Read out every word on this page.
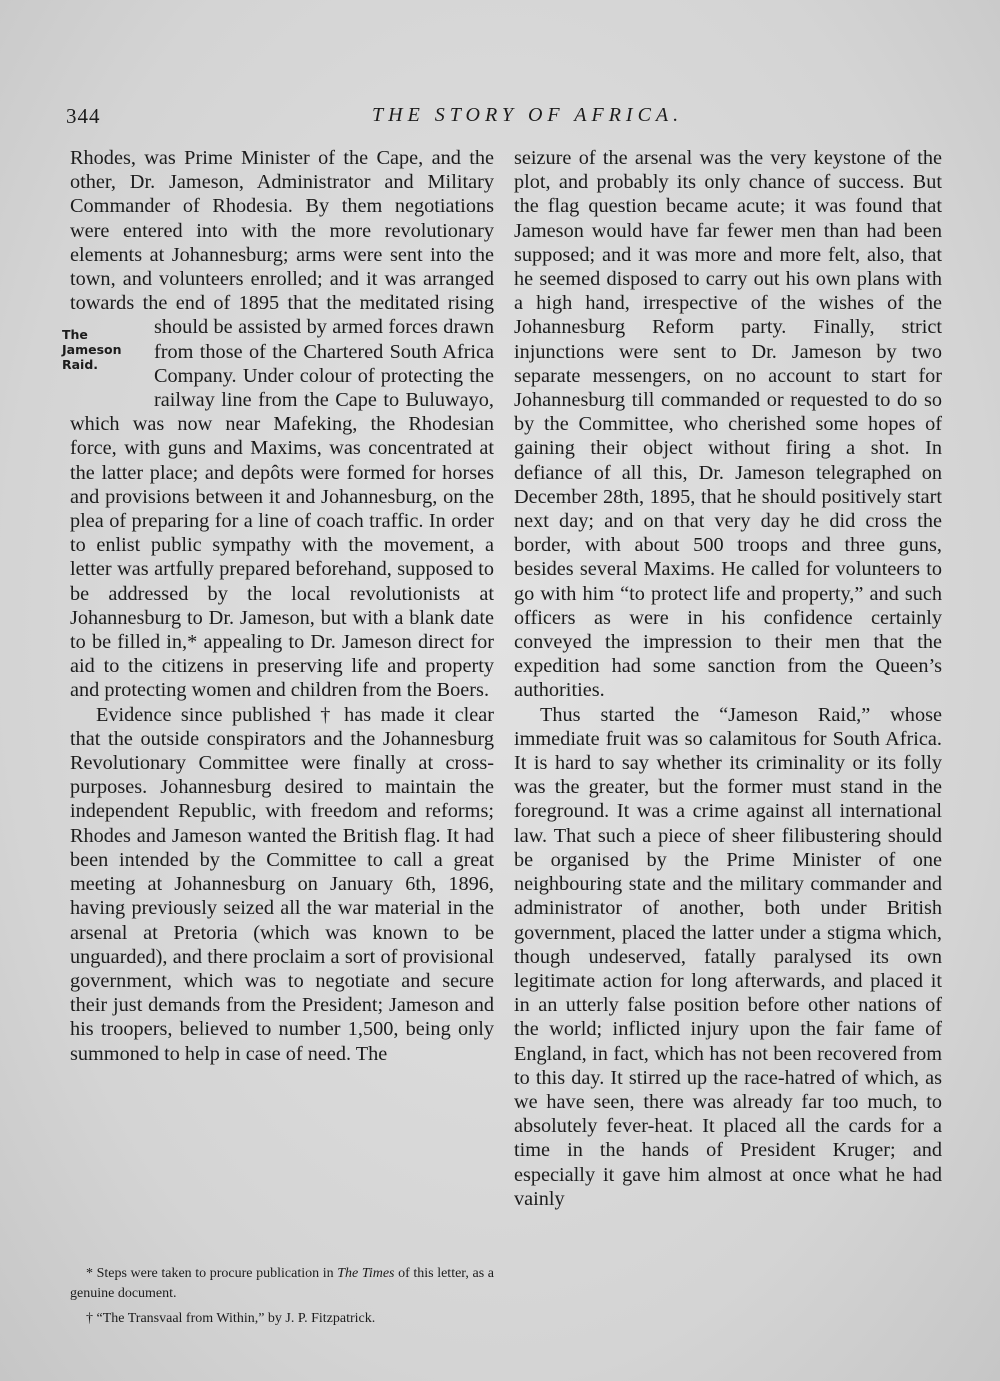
344	THE STORY OF AFRICA.

Rhodes, was Prime Minister of the Cape, and the other, Dr. Jameson, Administrator and Military Commander of Rhodesia. By them negotiations were entered into with the more revolutionary elements at Johannesburg; arms were sent into the town, and volunteers enrolled; and it was arranged towards the end of 1895 that the meditated rising should
The
Jameson
Raid.
be assisted by armed forces drawn from those of the Chartered South Africa Company. Under colour of protecting the railway line from the Cape to Buluwayo, which was now near Mafeking, the Rhodesian force, with guns and Maxims, was concentrated at the latter place; and depôts were formed for horses and provisions between it and Johannesburg, on the plea of preparing for a line of coach traffic. In order to enlist public sympathy with the movement, a letter was artfully prepared beforehand, supposed to be addressed by the local revolutionists at Johannesburg to Dr. Jameson, but with a blank date to be filled in,* appealing to Dr. Jameson direct for aid to the citizens in preserving life and property and protecting women and children from the Boers.

Evidence since published † has made it clear that the outside conspirators and the Johannesburg Revolutionary Committee were finally at cross-purposes. Johannesburg desired to maintain the independent Republic, with freedom and reforms; Rhodes and Jameson wanted the British flag. It had been intended by the Committee to call a great meeting at Johannesburg on January 6th, 1896, having previously seized all the war material in the arsenal at Pretoria (which was known to be unguarded), and there proclaim a sort of provisional government, which was to negotiate and secure their just demands from the President; Jameson and his troopers, believed to number 1,500, being only summoned to help in case of need. The

seizure of the arsenal was the very keystone of the plot, and probably its only chance of success. But the flag question became acute; it was found that Jameson would have far fewer men than had been supposed; and it was more and more felt, also, that he seemed disposed to carry out his own plans with a high hand, irrespective of the wishes of the Johannesburg Reform party. Finally, strict injunctions were sent to Dr. Jameson by two separate messengers, on no account to start for Johannesburg till commanded or requested to do so by the Committee, who cherished some hopes of gaining their object without firing a shot. In defiance of all this, Dr. Jameson telegraphed on December 28th, 1895, that he should positively start next day; and on that very day he did cross the border, with about 500 troops and three guns, besides several Maxims. He called for volunteers to go with him “to protect life and property,” and such officers as were in his confidence certainly conveyed the impression to their men that the expedition had some sanction from the Queen’s authorities.

Thus started the “Jameson Raid,” whose immediate fruit was so calamitous for South Africa. It is hard to say whether its criminality or its folly was the greater, but the former must stand in the foreground. It was a crime against all international law. That such a piece of sheer filibustering should be organised by the Prime Minister of one neighbouring state and the military commander and administrator of another, both under British government, placed the latter under a stigma which, though undeserved, fatally paralysed its own legitimate action for long afterwards, and placed it in an utterly false position before other nations of the world; inflicted injury upon the fair fame of England, in fact, which has not been recovered from to this day. It stirred up the race-hatred of which, as we have seen, there was already far too much, to absolutely fever-heat. It placed all the cards for a time in the hands of President Kruger; and especially it gave him almost at once what he had vainly

* Steps were taken to procure publication in The Times of this letter, as a genuine document.

† “The Transvaal from Within,” by J. P. Fitzpatrick.
